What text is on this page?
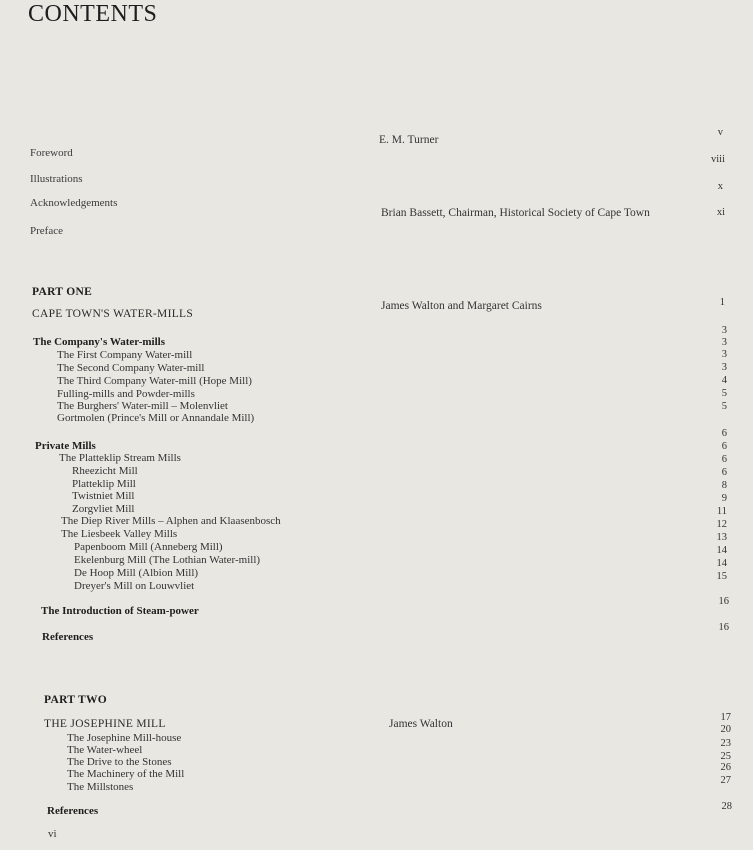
CONTENTS
Foreword
Illustrations
Acknowledgements
Preface
E. M. Turner
Brian Bassett, Chairman, Historical Society of Cape Town
James Walton and Margaret Cairns
James Walton
v
viii
x
xi
PART ONE
CAPE TOWN'S WATER-MILLS
1
The Company's Water-mills
The First Company Water-mill
The Second Company Water-mill
The Third Company Water-mill (Hope Mill)
Fulling-mills and Powder-mills
The Burghers' Water-mill – Molenvliet
Gortmolen (Prince's Mill or Annandale Mill)
3
3
3
3
4
5
5
Private Mills
The Platteklip Stream Mills
Rheezicht Mill
Platteklip Mill
Twistniet Mill
Zorgvliet Mill
The Diep River Mills – Alphen and Klaasenbosch
The Liesbeek Valley Mills
Papenboom Mill (Anneberg Mill)
Ekelenburg Mill (The Lothian Water-mill)
De Hoop Mill (Albion Mill)
Dreyer's Mill on Louwvliet
6
6
6
6
8
9
11
12
13
14
14
15
The Introduction of Steam-power
16
References
16
PART TWO
THE JOSEPHINE MILL
The Josephine Mill-house
The Water-wheel
The Drive to the Stones
The Machinery of the Mill
The Millstones
17
20
23
25
26
27
References	28
vi
